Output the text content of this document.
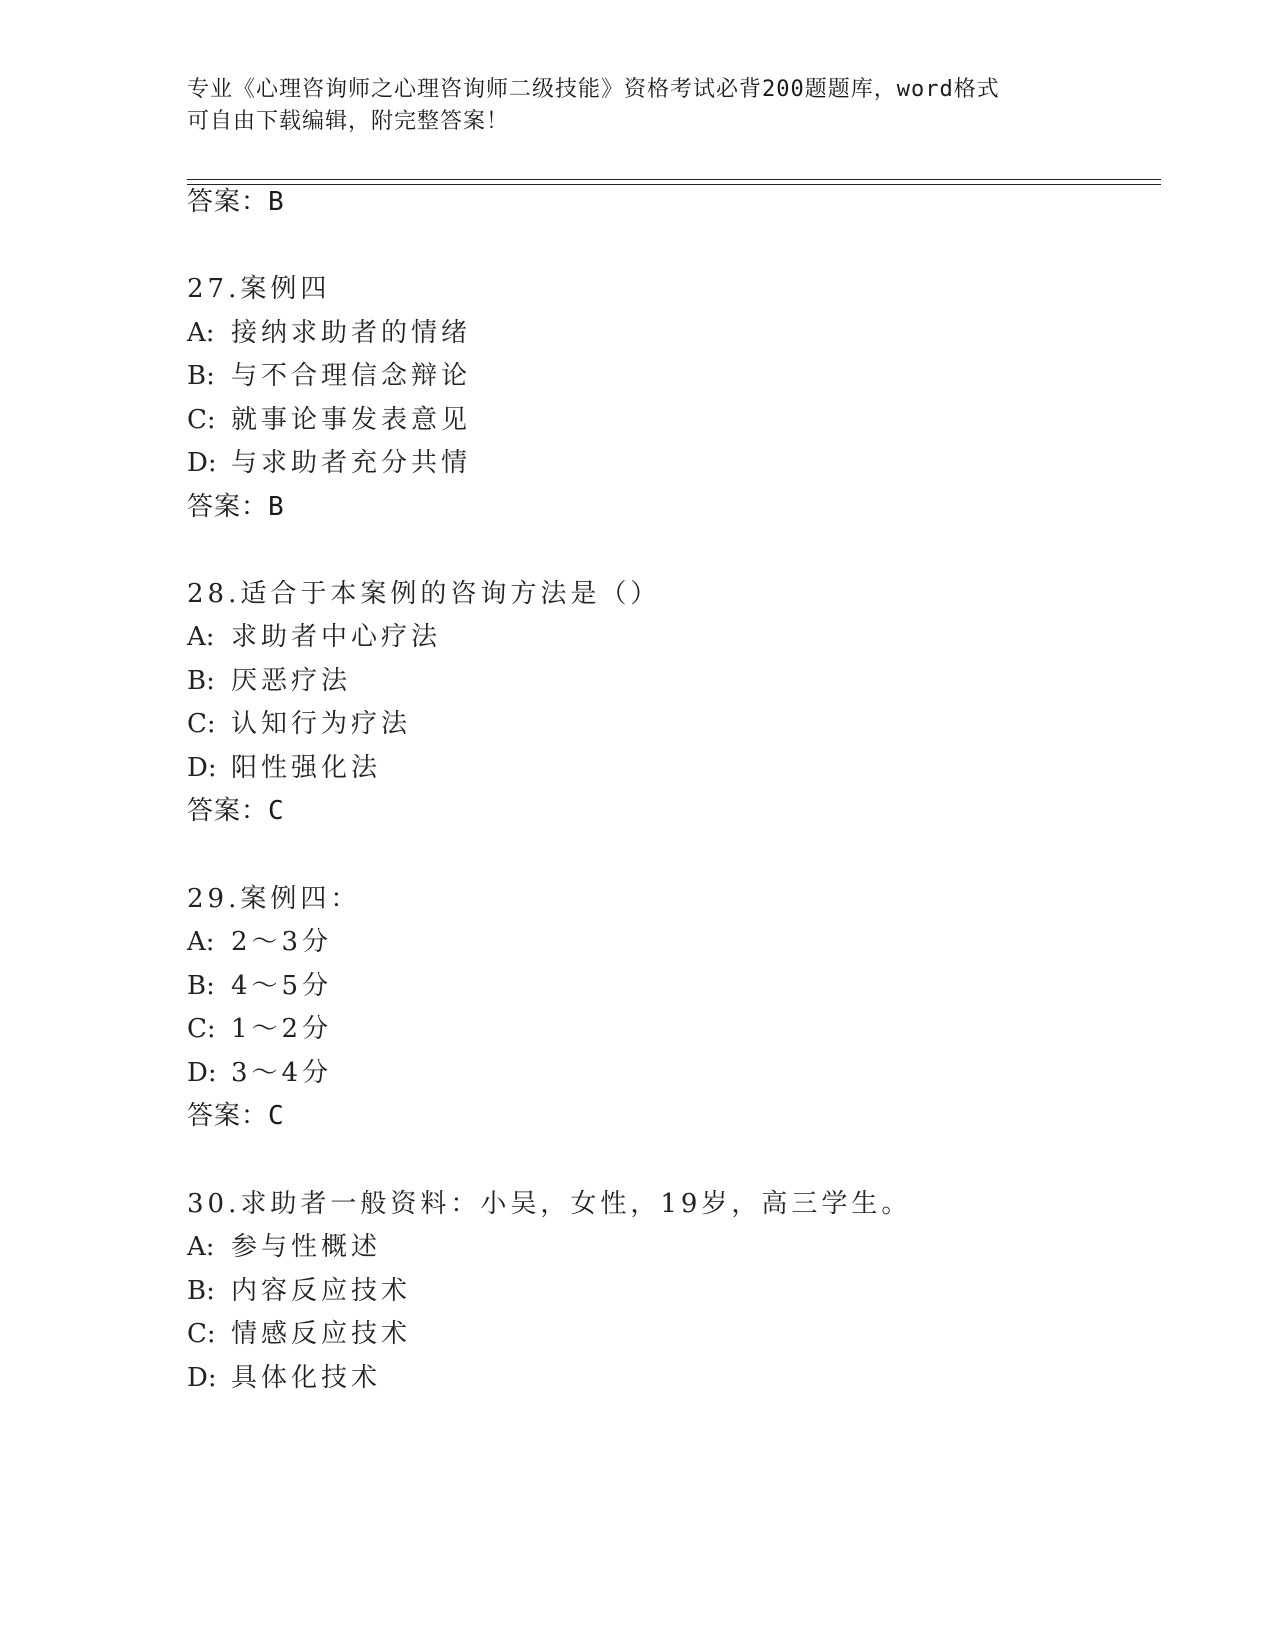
专业《心理咨询师之心理咨询师二级技能》资格考试必背200题题库，word格式
可自由下载编辑，附完整答案！
答案：B
27.案例四
A: 接纳求助者的情绪
B: 与不合理信念辩论
C: 就事论事发表意见
D: 与求助者充分共情
答案：B
28.适合于本案例的咨询方法是（）
A: 求助者中心疗法
B: 厌恶疗法
C: 认知行为疗法
D: 阳性强化法
答案：C
29.案例四：
A: 2～3分
B: 4～5分
C: 1～2分
D: 3～4分
答案：C
30.求助者一般资料：小吴，女性，19岁，高三学生。
A: 参与性概述
B: 内容反应技术
C: 情感反应技术
D: 具体化技术
